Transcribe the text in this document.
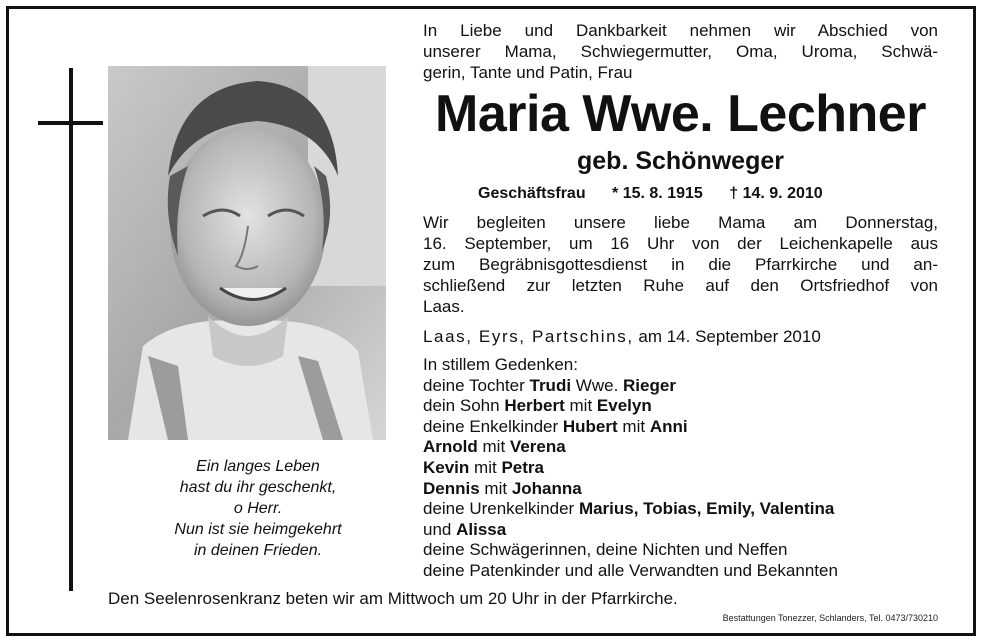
Ein langes Leben
hast du ihr geschenkt,
o Herr.
Nun ist sie heimgekehrt
in deinen Frieden.
In Liebe und Dankbarkeit nehmen wir Abschied von
unserer Mama, Schwiegermutter, Oma, Uroma, Schwä-
gerin, Tante und Patin, Frau
Maria Wwe. Lechner
geb. Schönweger
Geschäftsfrau * 15. 8. 1915 † 14. 9. 2010
Wir begleiten unsere liebe Mama am Donnerstag,
16. September, um 16 Uhr von der Leichenkapelle aus
zum Begräbnisgottesdienst in die Pfarrkirche und an-
schließend zur letzten Ruhe auf den Ortsfriedhof von
Laas.
Laas, Eyrs, Partschins, am 14. September 2010
In stillem Gedenken:
deine Tochter Trudi Wwe. Rieger
dein Sohn Herbert mit Evelyn
deine Enkelkinder Hubert mit Anni
Arnold mit Verena
Kevin mit Petra
Dennis mit Johanna
deine Urenkelkinder Marius, Tobias, Emily, Valentina
und Alissa
deine Schwägerinnen, deine Nichten und Neffen
deine Patenkinder und alle Verwandten und Bekannten
Den Seelenrosenkranz beten wir am Mittwoch um 20 Uhr in der Pfarrkirche.
Bestattungen Tonezzer, Schlanders, Tel. 0473/730210
